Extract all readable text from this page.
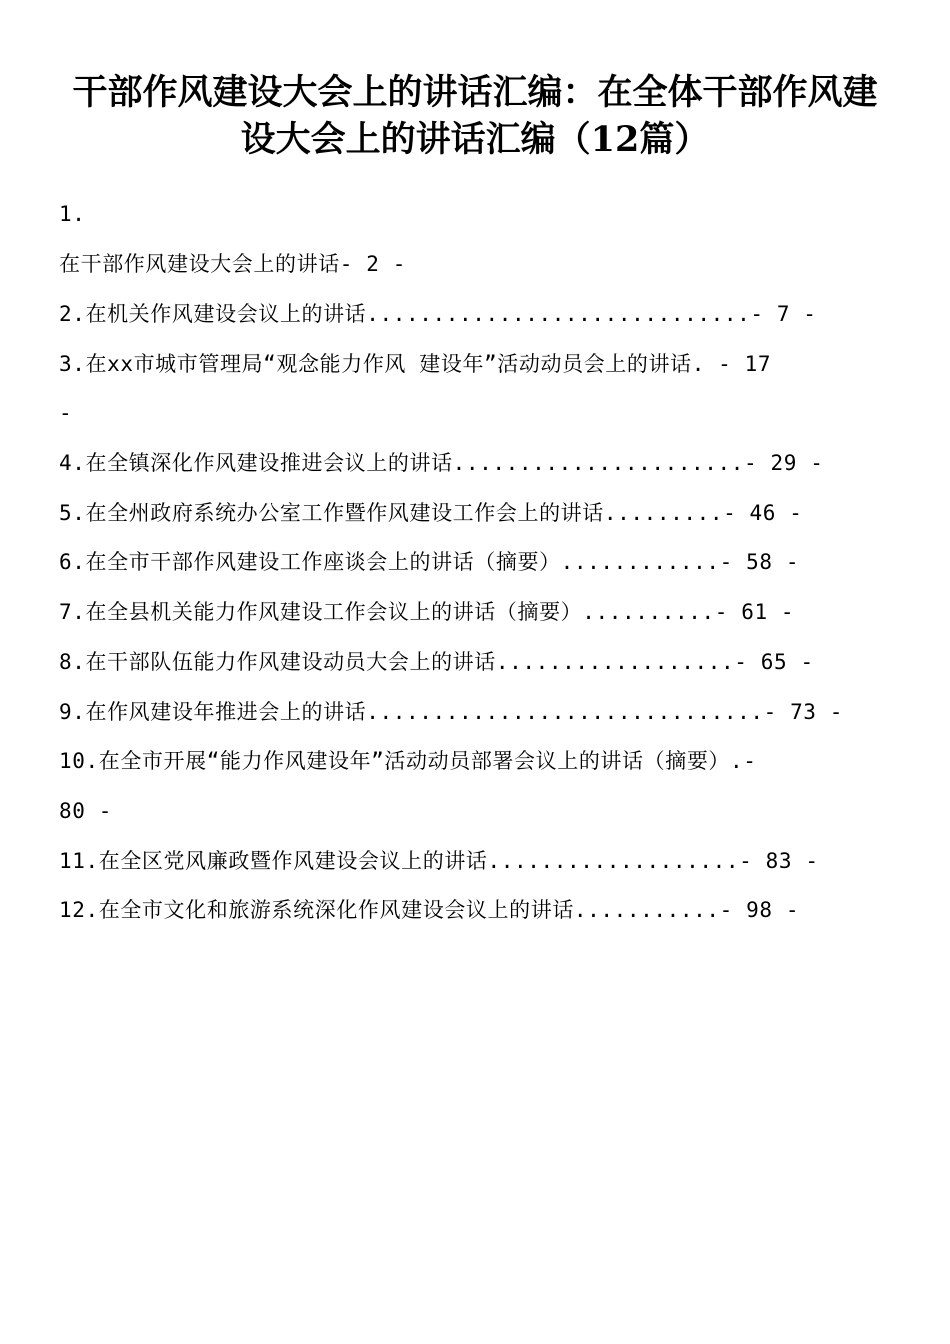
干部作风建设大会上的讲话汇编：在全体干部作风建
设大会上的讲话汇编（12篇）
1.
在干部作风建设大会上的讲话- 2 -
2.在机关作风建设会议上的讲话.............................- 7 -
3.在xx市城市管理局“观念能力作风 建设年”活动动员会上的讲话. - 17
-
4.在全镇深化作风建设推进会议上的讲话......................- 29 -
5.在全州政府系统办公室工作暨作风建设工作会上的讲话.........- 46 -
6.在全市干部作风建设工作座谈会上的讲话（摘要）............- 58 -
7.在全县机关能力作风建设工作会议上的讲话（摘要）..........- 61 -
8.在干部队伍能力作风建设动员大会上的讲话..................- 65 -
9.在作风建设年推进会上的讲话..............................- 73 -
10.在全市开展“能力作风建设年”活动动员部署会议上的讲话（摘要）.-
80 -
11.在全区党风廉政暨作风建设会议上的讲话...................- 83 -
12.在全市文化和旅游系统深化作风建设会议上的讲话...........- 98 -
